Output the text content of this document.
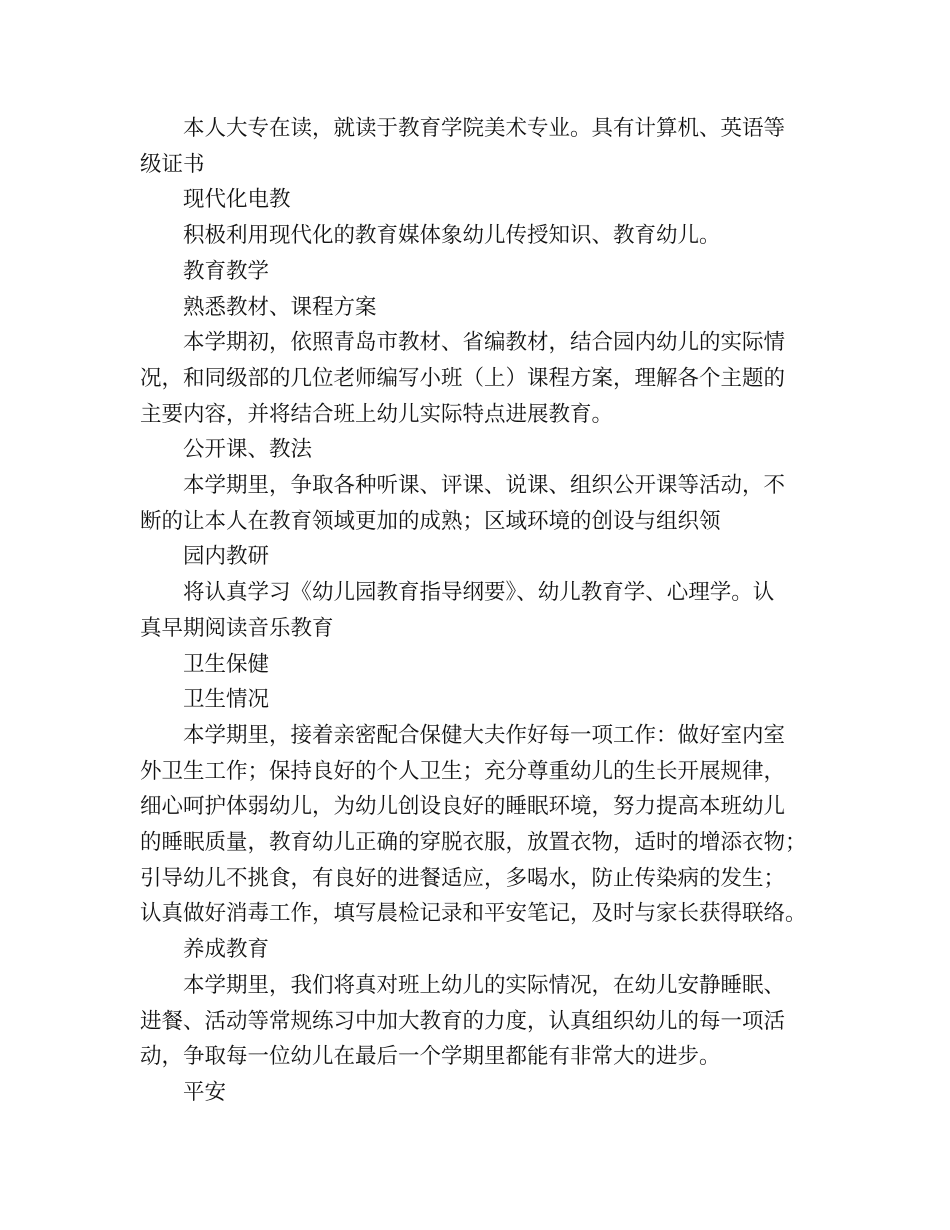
本人大专在读，就读于教育学院美术专业。具有计算机、英语等
级证书
现代化电教
积极利用现代化的教育媒体象幼儿传授知识、教育幼儿。
教育教学
熟悉教材、课程方案
本学期初，依照青岛市教材、省编教材，结合园内幼儿的实际情
况，和同级部的几位老师编写小班（上）课程方案，理解各个主题的
主要内容，并将结合班上幼儿实际特点进展教育。
公开课、教法
本学期里，争取各种听课、评课、说课、组织公开课等活动，不
断的让本人在教育领域更加的成熟；区域环境的创设与组织领
园内教研
将认真学习《幼儿园教育指导纲要》、幼儿教育学、心理学。认
真早期阅读音乐教育
卫生保健
卫生情况
本学期里，接着亲密配合保健大夫作好每一项工作：做好室内室
外卫生工作；保持良好的个人卫生；充分尊重幼儿的生长开展规律，
细心呵护体弱幼儿，为幼儿创设良好的睡眠环境，努力提高本班幼儿
的睡眠质量，教育幼儿正确的穿脱衣服，放置衣物，适时的增添衣物；
引导幼儿不挑食，有良好的进餐适应，多喝水，防止传染病的发生；
认真做好消毒工作，填写晨检记录和平安笔记，及时与家长获得联络。
养成教育
本学期里，我们将真对班上幼儿的实际情况，在幼儿安静睡眠、
进餐、活动等常规练习中加大教育的力度，认真组织幼儿的每一项活
动，争取每一位幼儿在最后一个学期里都能有非常大的进步。
平安
